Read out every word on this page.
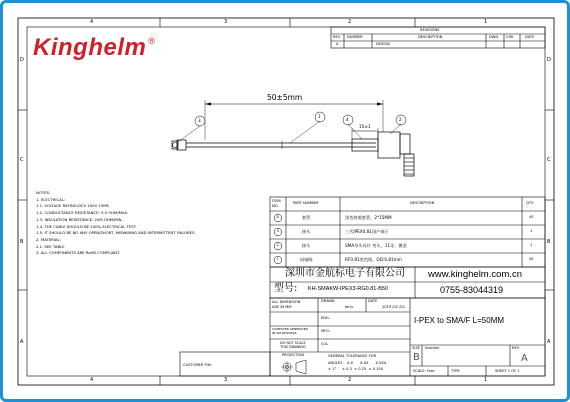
4	3	2	1
4	3	2	1
D
C
B
A
D
C
B
A
Kinghelm ®
REVISIONS
REV NUMBER	DESCRIPTION	DWN CHK	DATE
A	DESIGN
50±5mm
15±1
3
1
4	2
NOTES:
1. ELECTRICAL:
1.1. VOLTAGE RATING:DCV 100V 15MS
1.2. CONDUCTANCE RESISTANCE: 3.0 OHM/MAX.
1.3. INSULATION RESISTANCE: 20M OHM/MIN.
1.4. THE CABLE SHOULD BE 100% ELECTRICAL TEST
1.5. IT SHOULD BE NO ANY OPEN/SHORT, MISWIRING AND INTERMITTENT FAILURES.
2. MATERIAL:
2.1. SEE TABLE
3. ALL COMPONENTS ARE RoHS COMPLIANT.
ITEM NO.
PART NUMBER	DESCRIPTION	QTY.
4	套管	黑色热缩套管，2*15MM	45
3	接头	三代IPEX0.81国产端子	1
2	接头	SMA母头母针 弯头，11牙，镀金	1
1	同轴线	RF0.81黑色线，OD:0.81mm	45
深圳市金航标电子有限公司 www.kinghelm.com.cn
型号: KH-SMAKW-IPEX3-RG0.81-B50	0755-83044319
ALL DIMENSION
ARE IN MM
DRAWN
Jerry
DATE
2019 /02 /01
ENG.
COMPUTER GENERATED
IN SOLIDWORKS	MFG.
DO NOT SCALE
THIS DRAWING
Q.A.
PROJECTION	GENERAL TOLERANCE FOR
ANGLES    X.X      X.XX      X.XXX
± 1°     ± 0.3  ± 0.25  ± 0.150
I-PEX to SMA/F L=50MM
SIZE
B
Number	REV
A
SCALE: Free	TYPE	SHEET 1 OF 1
CUSTOMER P/N:
